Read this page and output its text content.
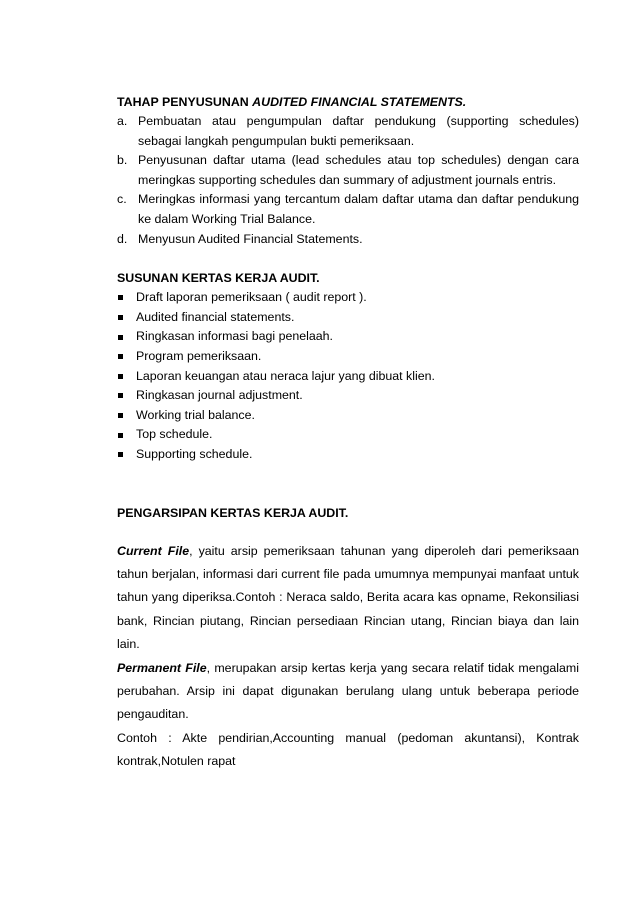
TAHAP PENYUSUNAN AUDITED FINANCIAL STATEMENTS.
a. Pembuatan atau pengumpulan daftar pendukung (supporting schedules) sebagai langkah pengumpulan bukti pemeriksaan.
b. Penyusunan daftar utama (lead schedules atau top schedules) dengan cara meringkas supporting schedules dan summary of adjustment journals entris.
c. Meringkas informasi yang tercantum dalam daftar utama dan daftar pendukung ke dalam Working Trial Balance.
d. Menyusun Audited Financial Statements.
SUSUNAN KERTAS KERJA AUDIT.
Draft laporan pemeriksaan ( audit report ).
Audited financial statements.
Ringkasan informasi bagi penelaah.
Program pemeriksaan.
Laporan keuangan atau neraca lajur yang dibuat klien.
Ringkasan journal adjustment.
Working trial balance.
Top schedule.
Supporting schedule.
PENGARSIPAN KERTAS KERJA AUDIT.
Current File, yaitu arsip pemeriksaan tahunan yang diperoleh dari pemeriksaan tahun berjalan, informasi dari current file pada umumnya mempunyai manfaat untuk tahun yang diperiksa.Contoh : Neraca saldo, Berita acara kas opname, Rekonsiliasi bank, Rincian piutang, Rincian persediaan Rincian utang, Rincian biaya dan lain lain.
Permanent File, merupakan arsip kertas kerja yang secara relatif tidak mengalami perubahan. Arsip ini dapat digunakan berulang ulang untuk beberapa periode pengauditan.
Contoh : Akte pendirian,Accounting manual (pedoman akuntansi), Kontrak kontrak,Notulen rapat
